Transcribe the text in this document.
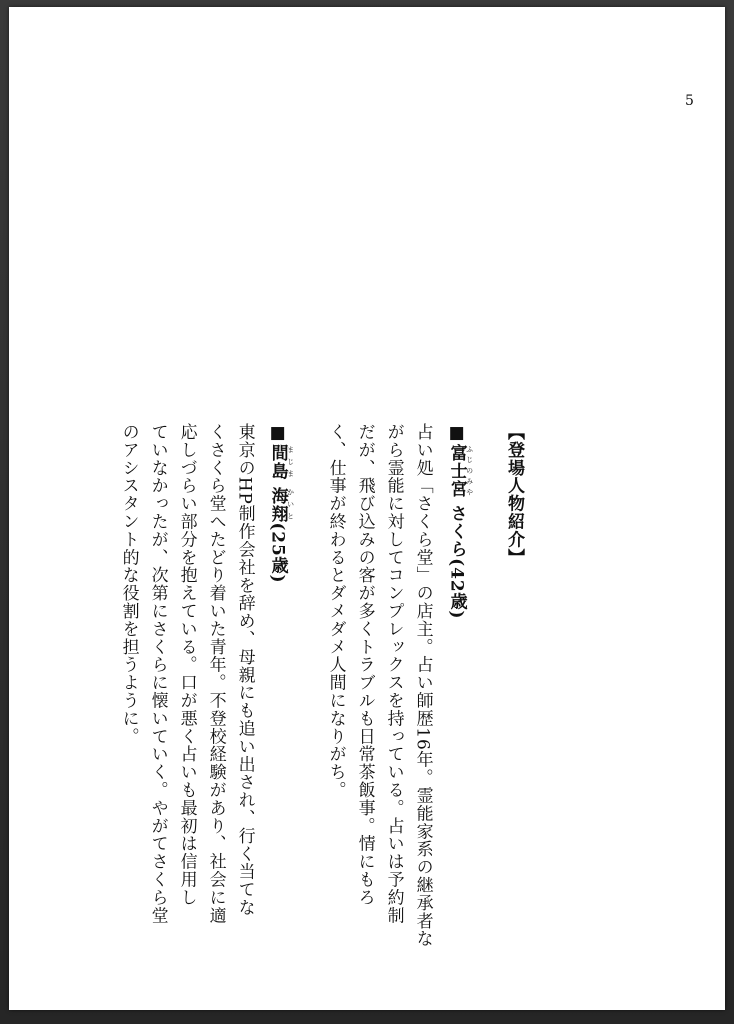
5
【登場人物紹介】
■富士宮 ふじのみや さくら(42歳)
占い処「さくら堂」の店主。占い師歴16年。霊能家系の継承者な
がら霊能に対してコンプレックスを持っている。占いは予約制
だが、飛び込みの客が多くトラブルも日常茶飯事。情にもろ
く、仕事が終わるとダメダメ人間になりがち。
■間島 まじま 海翔 かいと(25歳)
東京のHP制作会社を辞め、母親にも追い出され、行く当てな
くさくら堂へたどり着いた青年。不登校経験があり、社会に適
応しづらい部分を抱えている。口が悪く占いも最初は信用し
ていなかったが、次第にさくらに懐いていく。やがてさくら堂
のアシスタント的な役割を担うように。
